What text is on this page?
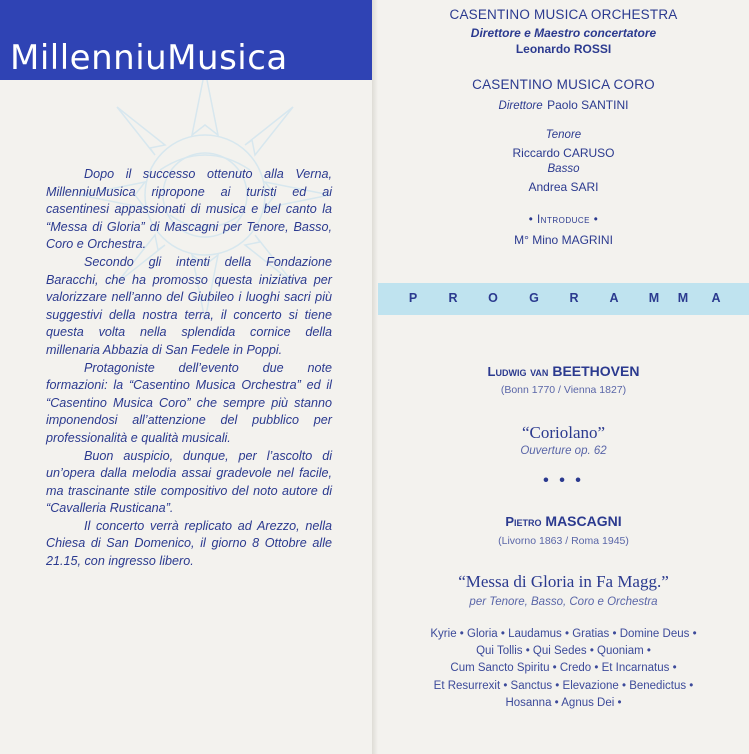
MillenniuMusica

Dopo il successo ottenuto alla Verna, MillenniuMusica ripropone ai turisti ed ai casentinesi appassionati di musica e bel canto la “Messa di Gloria” di Mascagni per Tenore, Basso, Coro e Orchestra.

Secondo gli intenti della Fondazione Baracchi, che ha promosso questa iniziativa per valorizzare nell’anno del Giubileo i luoghi sacri più suggestivi della nostra terra, il concerto si tiene questa volta nella splendida cornice della millenaria Abbazia di San Fedele in Poppi.

Protagoniste dell’evento due note formazioni: la “Casentino Musica Orchestra” ed il “Casentino Musica Coro” che sempre più stanno imponendosi all’attenzione del pubblico per professionalità e qualità musicali.

Buon auspicio, dunque, per l’ascolto di un’opera dalla melodia assai gradevole nel facile, ma trascinante stile compositivo del noto autore di “Cavalleria Rusticana”.

Il concerto verrà replicato ad Arezzo, nella Chiesa di San Domenico, il giorno 8 Ottobre alle 21.15, con ingresso libero.

CASENTINO MUSICA ORCHESTRA
Direttore e Maestro concertatore
Leonardo ROSSI
CASENTINO MUSICA CORO
Direttore Paolo SANTINI
Tenore
Riccardo CARUSO
Basso
Andrea SARI
• Introduce •
M° Mino MAGRINI
P	R	O	G	R	A	M	M	A
Ludwig van BEETHOVEN
(Bonn 1770 / Vienna 1827)
“Coriolano”
Ouverture op. 62
• • •
Pietro MASCAGNI
(Livorno 1863 / Roma 1945)
“Messa di Gloria in Fa Magg.”
per Tenore, Basso, Coro e Orchestra
Kyrie • Gloria • Laudamus • Gratias • Domine Deus •
Qui Tollis • Qui Sedes • Quoniam •
Cum Sancto Spiritu • Credo • Et Incarnatus •
Et Resurrexit • Sanctus • Elevazione • Benedictus •
Hosanna • Agnus Dei •
